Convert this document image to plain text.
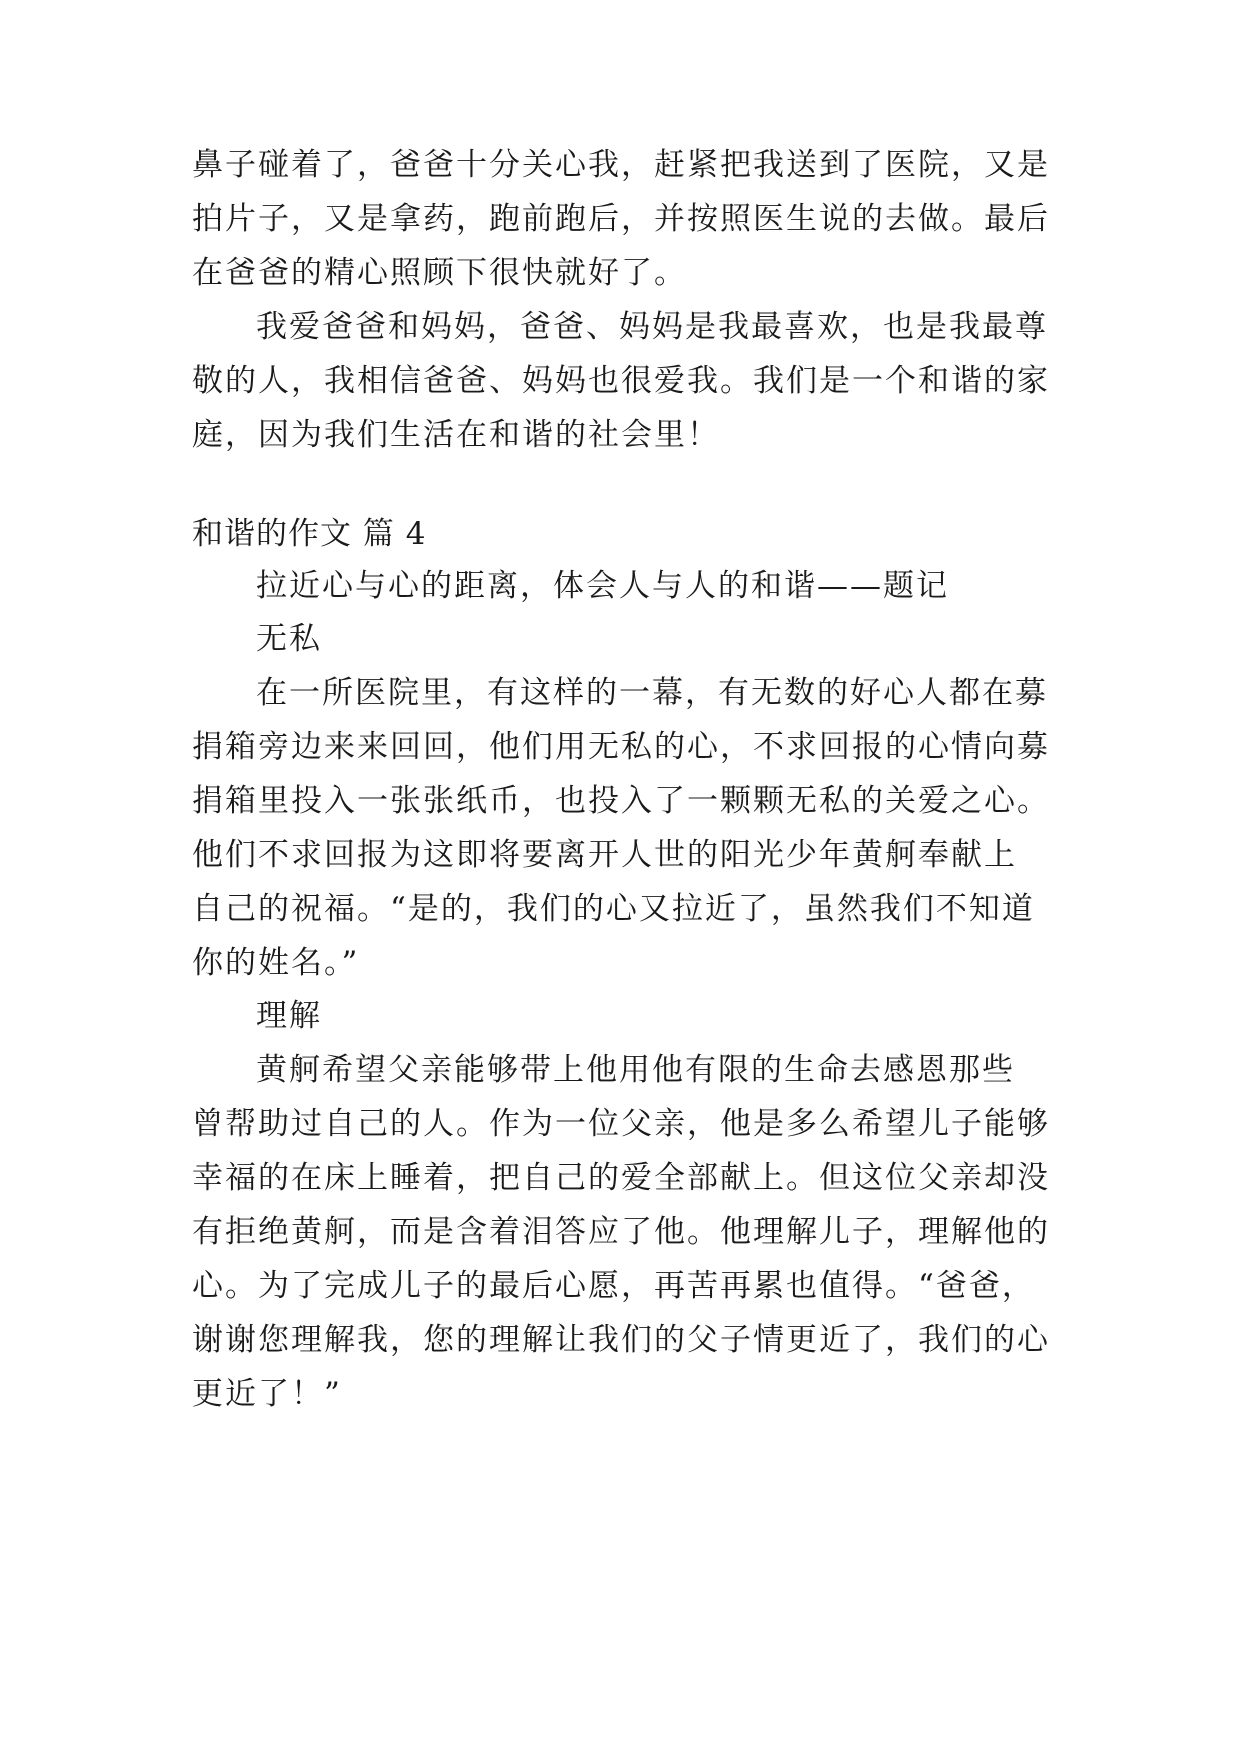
鼻子碰着了，爸爸十分关心我，赶紧把我送到了医院，又是
拍片子，又是拿药，跑前跑后，并按照医生说的去做。最后
在爸爸的精心照顾下很快就好了。
我爱爸爸和妈妈，爸爸、妈妈是我最喜欢，也是我最尊
敬的人，我相信爸爸、妈妈也很爱我。我们是一个和谐的家
庭，因为我们生活在和谐的社会里！
和谐的作文 篇 4
拉近心与心的距离，体会人与人的和谐——题记
无私
在一所医院里，有这样的一幕，有无数的好心人都在募
捐箱旁边来来回回，他们用无私的心，不求回报的心情向募
捐箱里投入一张张纸币，也投入了一颗颗无私的关爱之心。
他们不求回报为这即将要离开人世的阳光少年黄舸奉献上
自己的祝福。“是的，我们的心又拉近了，虽然我们不知道
你的姓名。”
理解
黄舸希望父亲能够带上他用他有限的生命去感恩那些
曾帮助过自己的人。作为一位父亲，他是多么希望儿子能够
幸福的在床上睡着，把自己的爱全部献上。但这位父亲却没
有拒绝黄舸，而是含着泪答应了他。他理解儿子，理解他的
心。为了完成儿子的最后心愿，再苦再累也值得。“爸爸，
谢谢您理解我，您的理解让我们的父子情更近了，我们的心
更近了！”
